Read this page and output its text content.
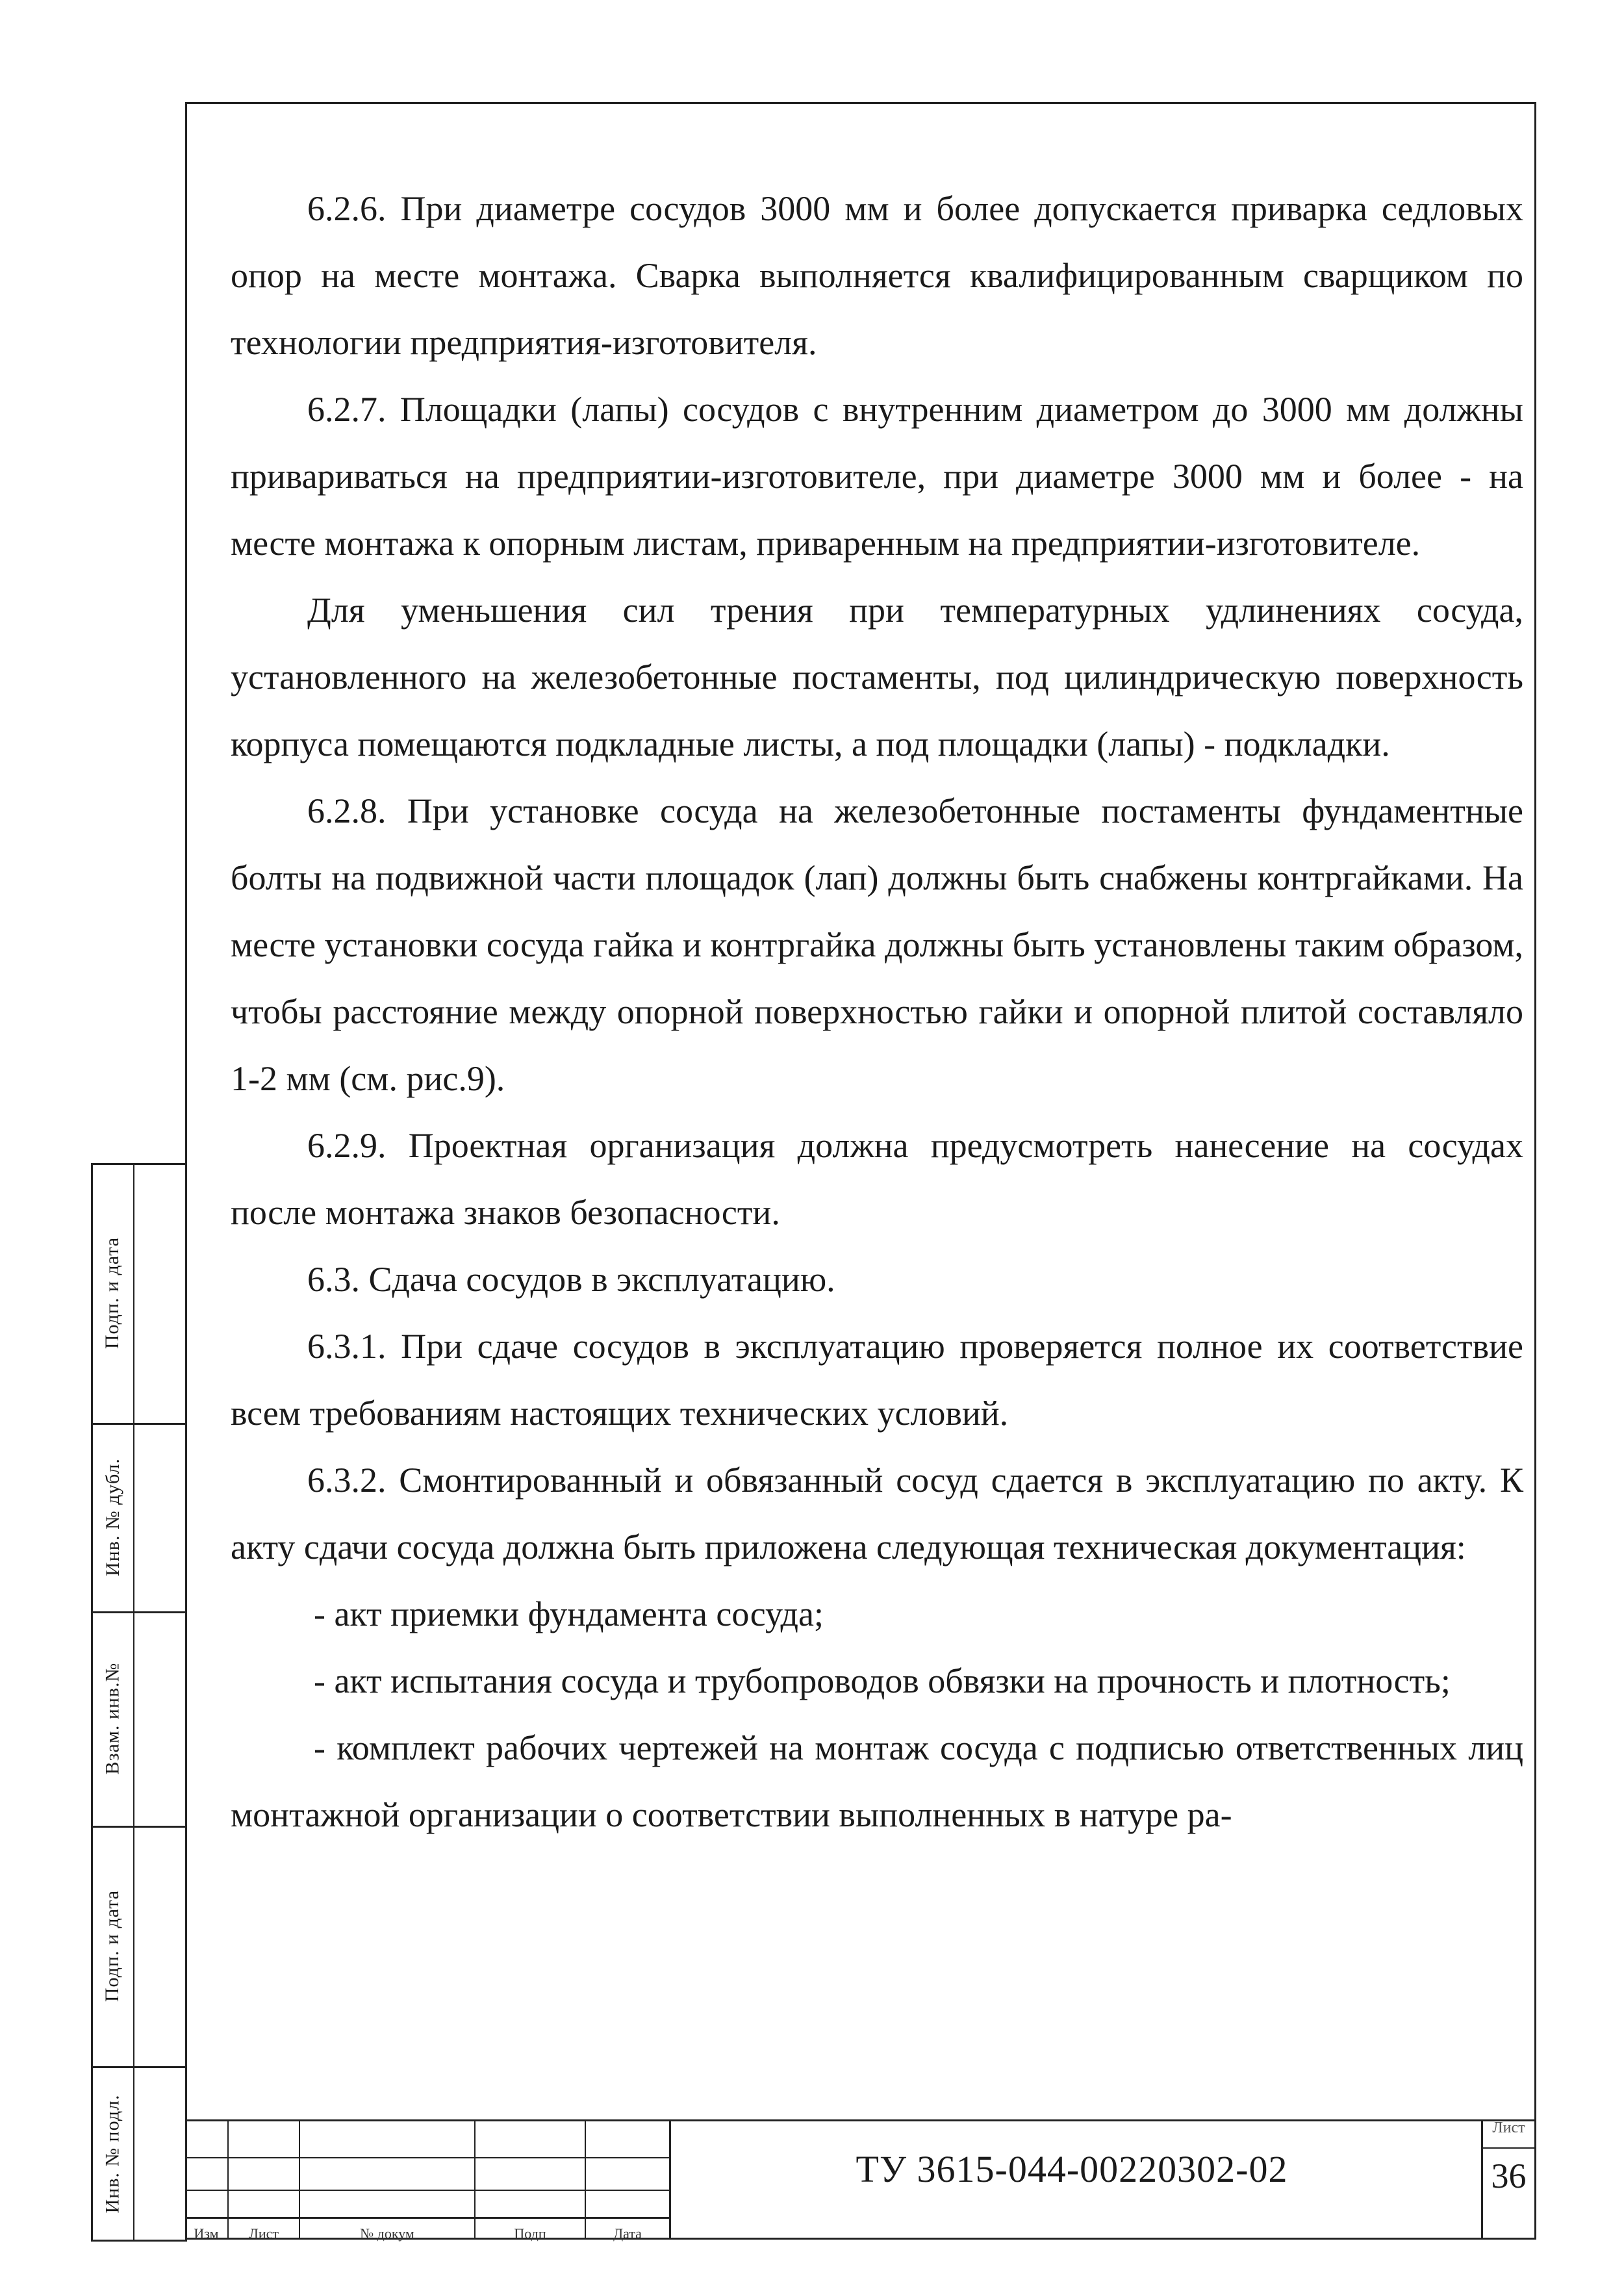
6.2.6. При диаметре сосудов 3000 мм и более допускается приварка седловых опор на месте монтажа. Сварка выполняется квалифицированным сварщиком по технологии предприятия-изготовителя.

6.2.7. Площадки (лапы) сосудов с внутренним диаметром до 3000 мм должны привариваться на предприятии-изготовителе, при диаметре 3000 мм и более - на месте монтажа к опорным листам, приваренным на предприятии-изготовителе.

Для уменьшения сил трения при температурных удлинениях сосуда, установленного на железобетонные постаменты, под цилиндрическую поверхность корпуса помещаются подкладные листы, а под площадки (лапы) - подкладки.

6.2.8. При установке сосуда на железобетонные постаменты фундаментные болты на подвижной части площадок (лап) должны быть снабжены контргайками. На месте установки сосуда гайка и контргайка должны быть установлены таким образом, чтобы расстояние между опорной поверхностью гайки и опорной плитой составляло 1-2 мм (см. рис.9).

6.2.9. Проектная организация должна предусмотреть нанесение на сосудах после монтажа знаков безопасности.

6.3. Сдача сосудов в эксплуатацию.

6.3.1. При сдаче сосудов в эксплуатацию проверяется полное их соответствие всем требованиям настоящих технических условий.

6.3.2. Смонтированный и обвязанный сосуд сдается в эксплуатацию по акту. К акту сдачи сосуда должна быть приложена следующая техническая документация:

- акт приемки фундамента сосуда;

- акт испытания сосуда и трубопроводов обвязки на прочность и плотность;

- комплект рабочих чертежей на монтаж сосуда с подписью ответственных лиц монтажной организации о соответствии выполненных в натуре ра-

Подп. и дата
Инв. № дубл.
Взам. инв.№
Подп. и дата
Инв. № подл.
Изм	Лист	№ докум	Подп	Дата
ТУ 3615-044-00220302-02
Лист
36
